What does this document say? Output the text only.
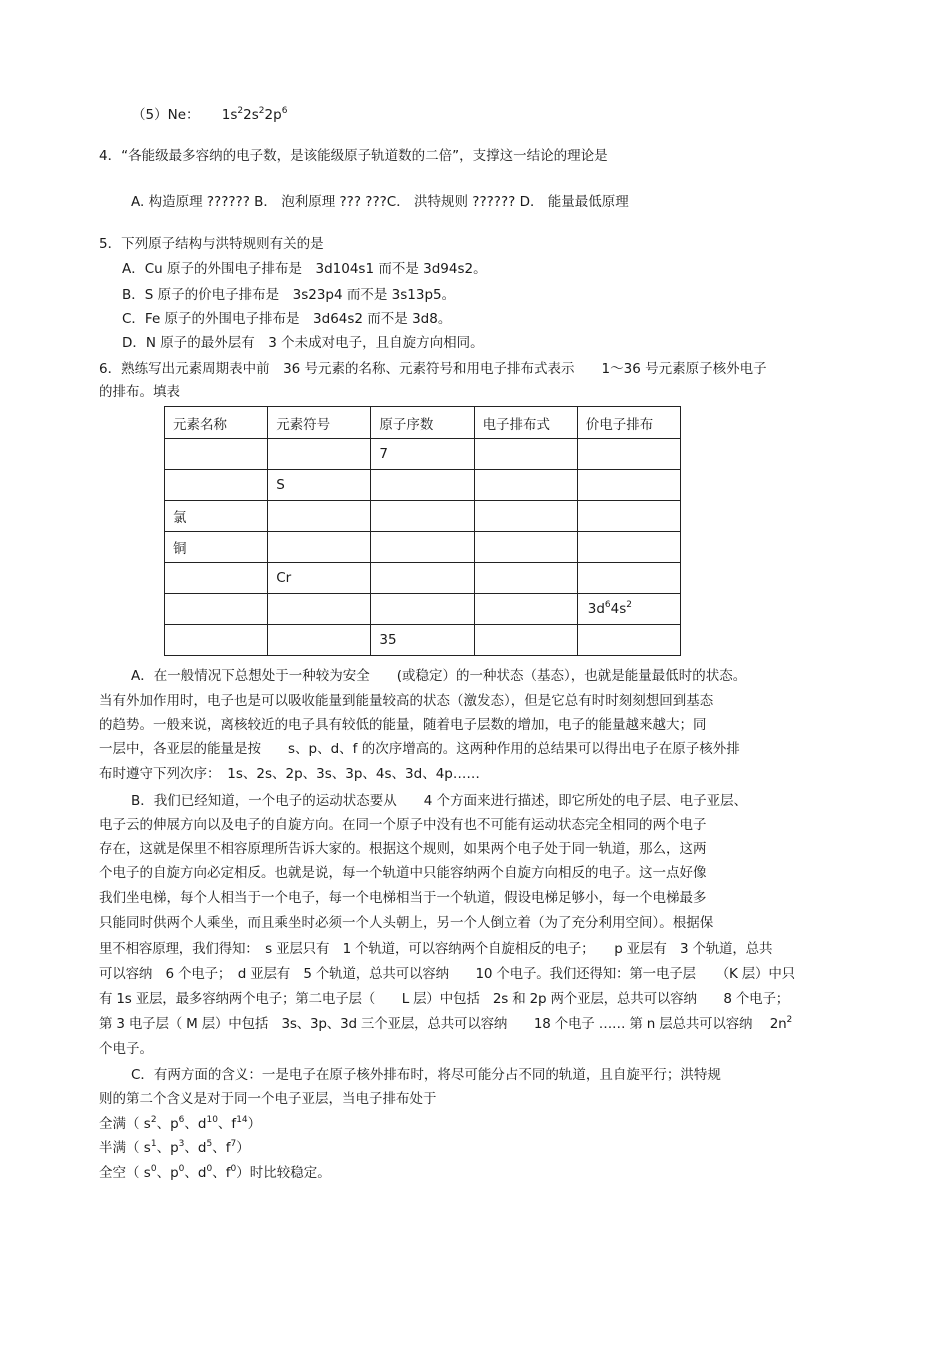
（5）Ne： $1s^22s^22p^6$
4．“各能级最多容纳的电子数，是该能级原子轨道数的二倍”，支撑这一结论的理论是
A. 构造原理 ?????? B． 泡利原理 ??? ???C． 洪特规则 ?????? D． 能量最低原理
5．下列原子结构与洪特规则有关的是
A．Cu 原子的外围电子排布是　3d104s1 而不是 3d94s2。
B．S 原子的价电子排布是　3s23p4 而不是 3s13p5。
C．Fe 原子的外围电子排布是　3d64s2 而不是 3d8。
D．N 原子的最外层有　3 个未成对电子，且自旋方向相同。
6．熟练写出元素周期表中前　36 号元素的名称、元素符号和用电子排布式表示　　1～36 号元素原子核外电子
的排布。填表
元素名称	元素符号	原子序数	电子排布式	价电子排布
		7		
	S			
氯				
铜				
	Cr			
				$3d^64s^2$
		35		
A．在一般情况下总想处于一种较为安全　　(或稳定）的一种状态（基态），也就是能量最低时的状态。
当有外加作用时，电子也是可以吸收能量到能量较高的状态（激发态），但是它总有时时刻刻想回到基态
的趋势。一般来说，离核较近的电子具有较低的能量，随着电子层数的增加，电子的能量越来越大；同
一层中，各亚层的能量是按　　s、p、d、f 的次序增高的。这两种作用的总结果可以得出电子在原子核外排
布时遵守下列次序：　1s、2s、2p、3s、3p、4s、3d、4p……
B．我们已经知道，一个电子的运动状态要从　　4 个方面来进行描述，即它所处的电子层、电子亚层、
电子云的伸展方向以及电子的自旋方向。在同一个原子中没有也不可能有运动状态完全相同的两个电子
存在，这就是保里不相容原理所告诉大家的。根据这个规则，如果两个电子处于同一轨道，那么，这两
个电子的自旋方向必定相反。也就是说，每一个轨道中只能容纳两个自旋方向相反的电子。这一点好像
我们坐电梯，每个人相当于一个电子，每一个电梯相当于一个轨道，假设电梯足够小，每一个电梯最多
只能同时供两个人乘坐，而且乘坐时必须一个人头朝上，另一个人倒立着（为了充分利用空间）。根据保
里不相容原理，我们得知：　s 亚层只有　1 个轨道，可以容纳两个自旋相反的电子；　　p 亚层有　3 个轨道，总共
可以容纳　6 个电子；　d 亚层有　5 个轨道，总共可以容纳　　10 个电子。我们还得知：第一电子层　　（K 层）中只
有 1s 亚层，最多容纳两个电子；第二电子层（　　L 层）中包括　2s 和 2p 两个亚层，总共可以容纳　　8 个电子；
第 3 电子层（ M 层）中包括　3s、3p、3d 三个亚层，总共可以容纳　　18 个电子 …… 第 n 层总共可以容纳　 $2n^2$
个电子。
C．有两方面的含义：一是电子在原子核外排布时，将尽可能分占不同的轨道，且自旋平行；洪特规
则的第二个含义是对于同一个电子亚层，当电子排布处于
全满（ $s^2$、$p^6$、$d^{10}$、$f^{14}$）
半满（ $s^1$、$p^3$、$d^5$、$f^7$）
全空（ $s^0$、$p^0$、$d^0$、$f^0$）时比较稳定。
